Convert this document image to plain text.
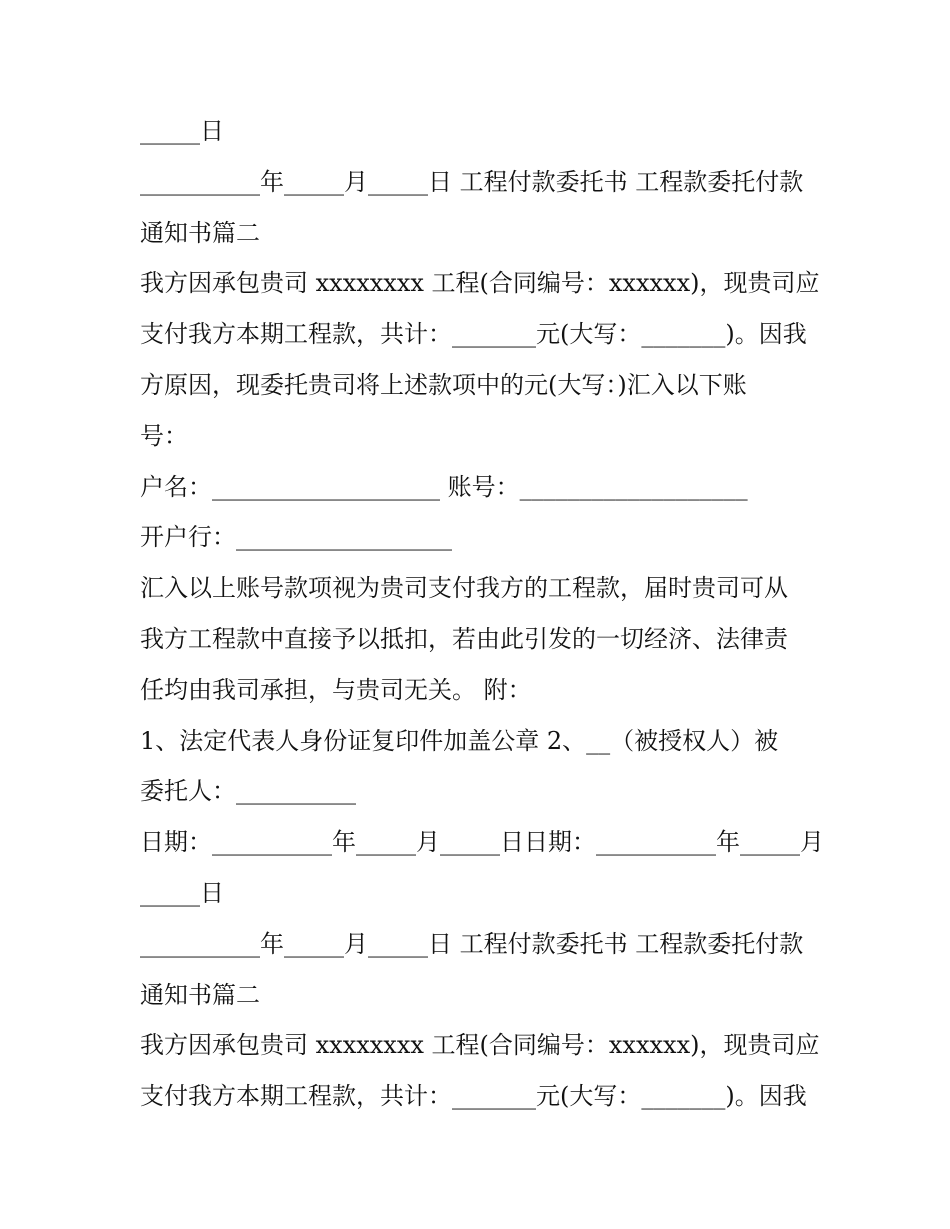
_____日
__________年_____月_____日 工程付款委托书 工程款委托付款
通知书篇二
我方因承包贵司 xxxxxxxx 工程(合同编号：xxxxxx)，现贵司应
支付我方本期工程款，共计：_______元(大写：_______)。因我
方原因，现委托贵司将上述款项中的元(大写：)汇入以下账
号：
户名：___________________ 账号：___________________
开户行：__________________
汇入以上账号款项视为贵司支付我方的工程款，届时贵司可从
我方工程款中直接予以抵扣，若由此引发的一切经济、法律责
任均由我司承担，与贵司无关。 附：
1、法定代表人身份证复印件加盖公章 2、__（被授权人）被
委托人：__________
日期：__________年_____月_____日日期：__________年_____月
_____日
__________年_____月_____日 工程付款委托书 工程款委托付款
通知书篇二
我方因承包贵司 xxxxxxxx 工程(合同编号：xxxxxx)，现贵司应
支付我方本期工程款，共计：_______元(大写：_______)。因我
